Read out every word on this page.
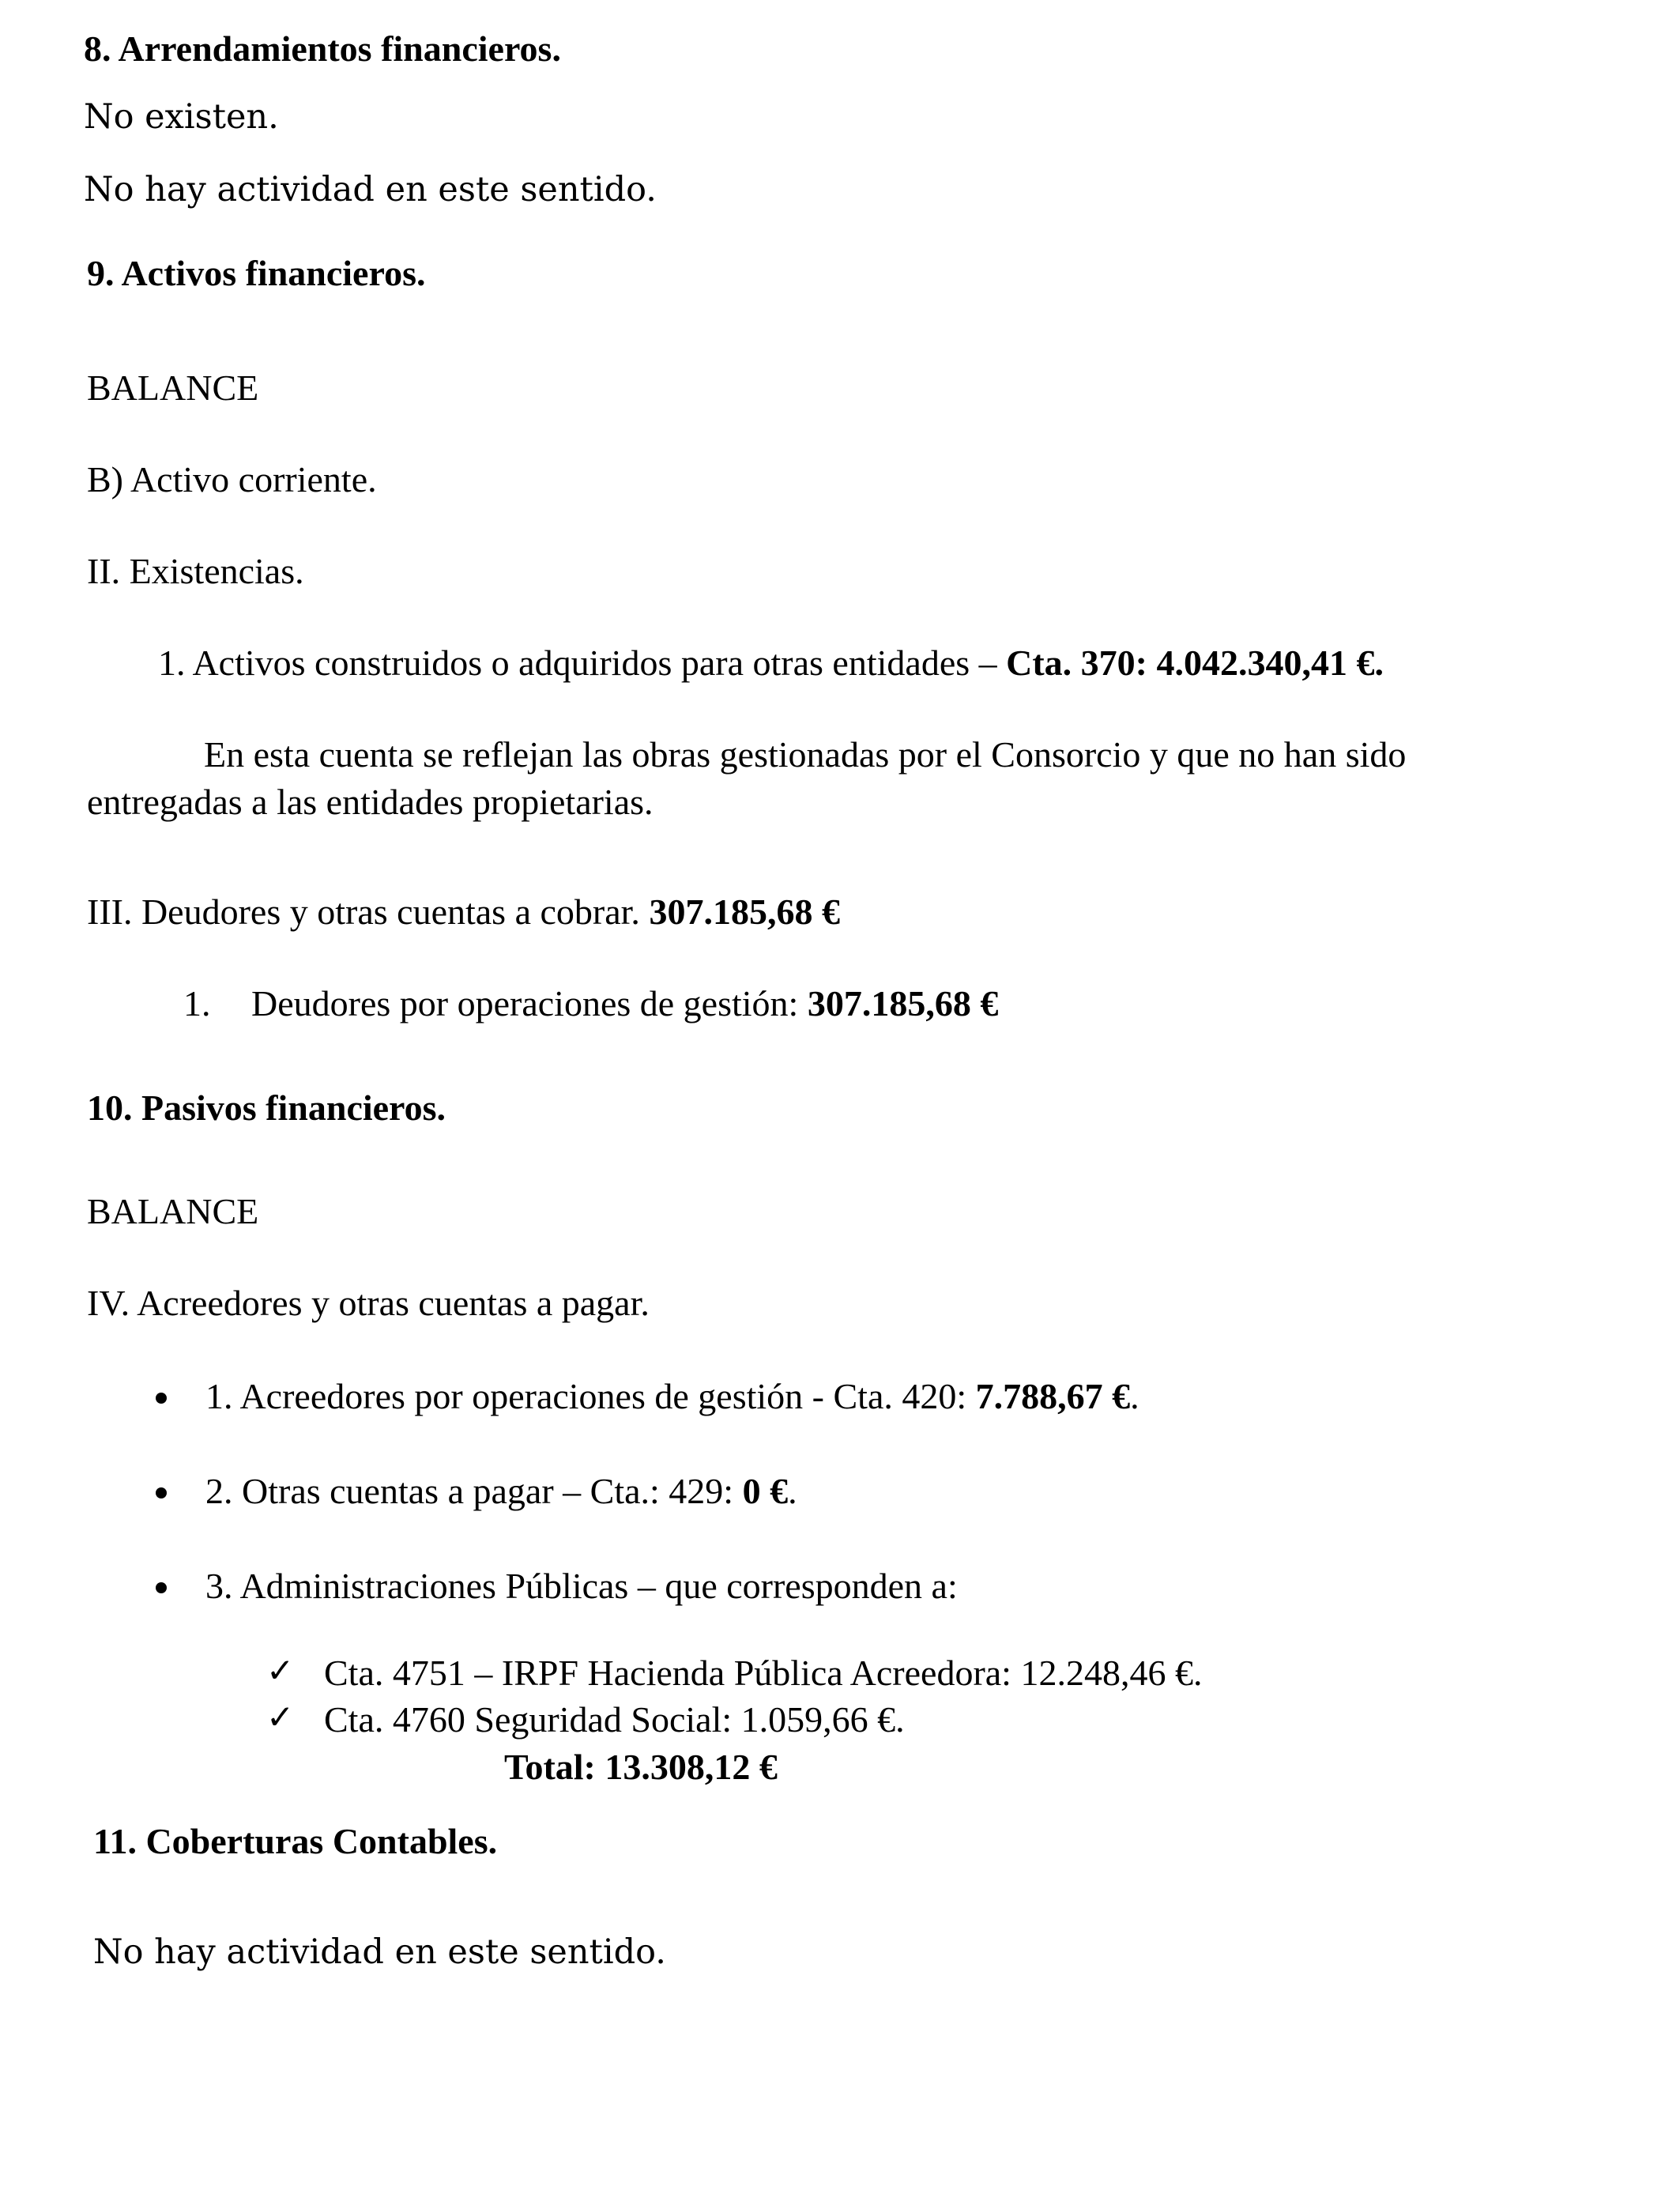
8. Arrendamientos financieros.
No existen.
No hay actividad en este sentido.
9. Activos financieros.
BALANCE
B) Activo corriente.
II. Existencias.
1. Activos construidos o adquiridos para otras entidades – Cta. 370: 4.042.340,41 €.
En esta cuenta se reflejan las obras gestionadas por el Consorcio y que no han sido
entregadas a las entidades propietarias.
III. Deudores y otras cuentas a cobrar. 307.185,68 €
1. Deudores por operaciones de gestión: 307.185,68 €
10. Pasivos financieros.
BALANCE
IV. Acreedores y otras cuentas a pagar.
1. Acreedores por operaciones de gestión - Cta. 420: 7.788,67 €.
2. Otras cuentas a pagar – Cta.: 429: 0 €.
3. Administraciones Públicas – que corresponden a:
✓ Cta. 4751 – IRPF Hacienda Pública Acreedora: 12.248,46 €.
✓ Cta. 4760 Seguridad Social: 1.059,66 €.
Total: 13.308,12 €
11. Coberturas Contables.
No hay actividad en este sentido.
